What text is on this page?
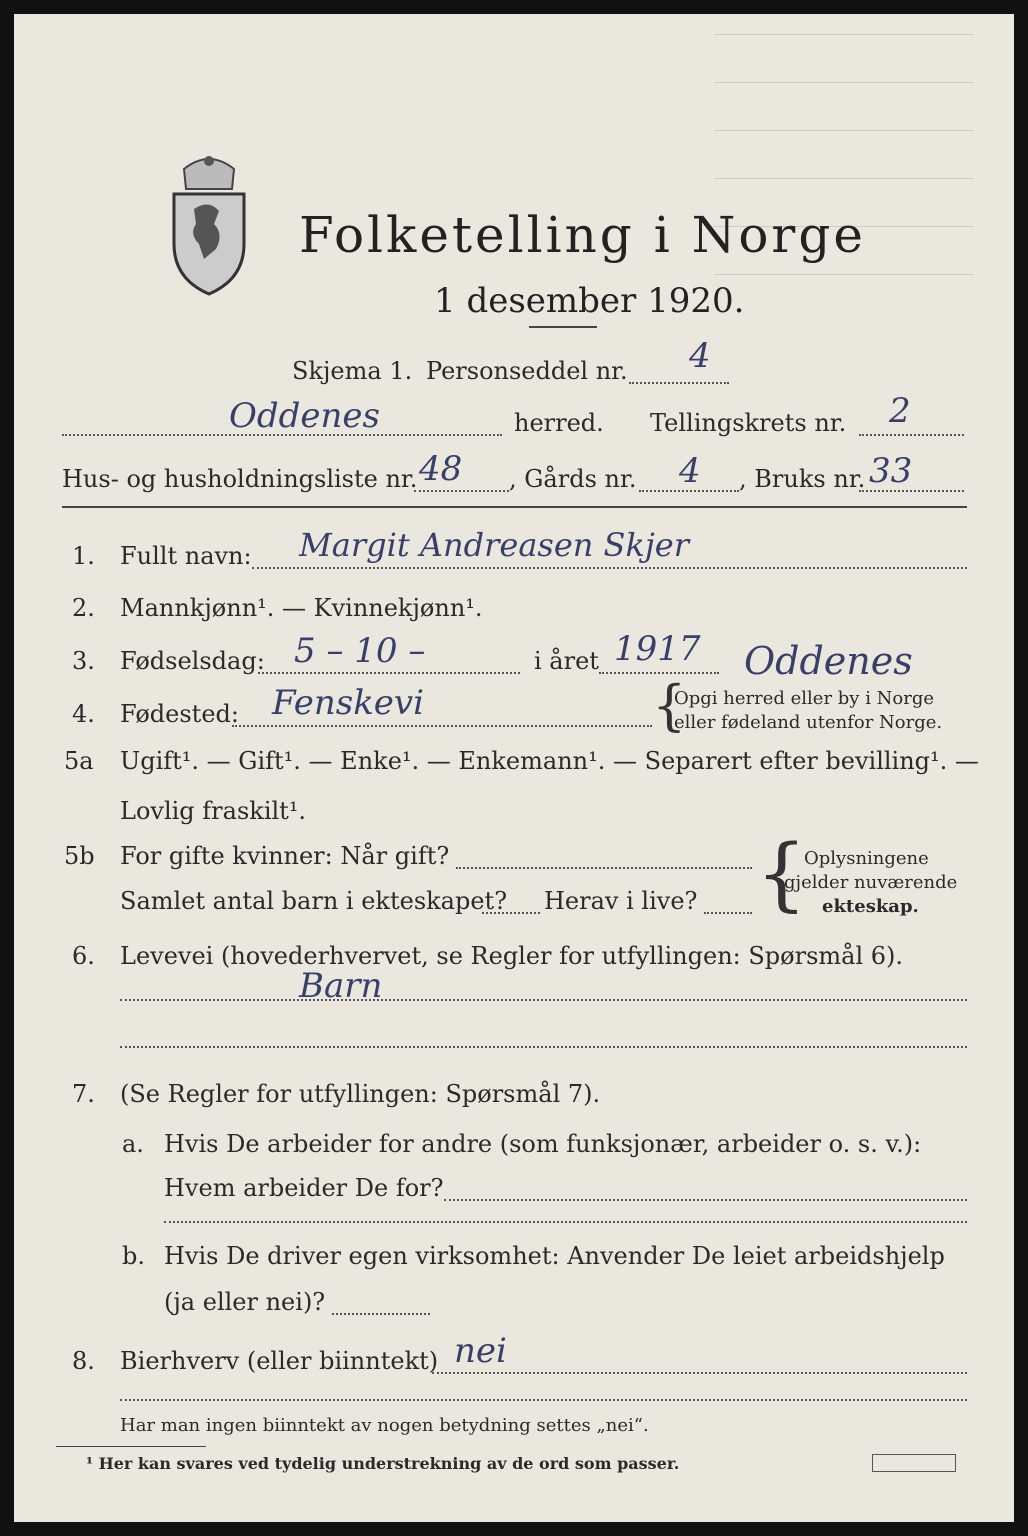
Folketelling i Norge
1 desember 1920.
Skjema 1. Personseddel nr. 4
Oddenes	herred. Tellingskrets nr. 2
Hus- og husholdningsliste nr. 48 , Gårds nr. 4 , Bruks nr. 33
1. Fullt navn: Margit Andreasen Skjer
2. Mannkjønn¹. — Kvinnekjønn¹.
3. Fødselsdag: 5 – 10 –	i året 1917 Oddenes
4. Fødested: Fenskevi	{
Opgi herred eller by i Norge
eller fødeland utenfor Norge.
5a Ugift¹. — Gift¹. — Enke¹. — Enkemann¹. — Separert efter bevilling¹. —
Lovlig fraskilt¹.
5b For gifte kvinner: Når gift?
Samlet antal barn i ekteskapet? Herav i live? {
Oplysningene
gjelder nuværende
ekteskap.
6. Levevei (hovederhvervet, se Regler for utfyllingen: Spørsmål 6).
Barn
7. (Se Regler for utfyllingen: Spørsmål 7).
a. Hvis De arbeider for andre (som funksjonær, arbeider o. s. v.):
Hvem arbeider De for?
b. Hvis De driver egen virksomhet: Anvender De leiet arbeidshjelp
(ja eller nei)?
8. Bierhverv (eller biinntekt) nei
Har man ingen biinntekt av nogen betydning settes „nei“.
¹ Her kan svares ved tydelig understrekning av de ord som passer.
